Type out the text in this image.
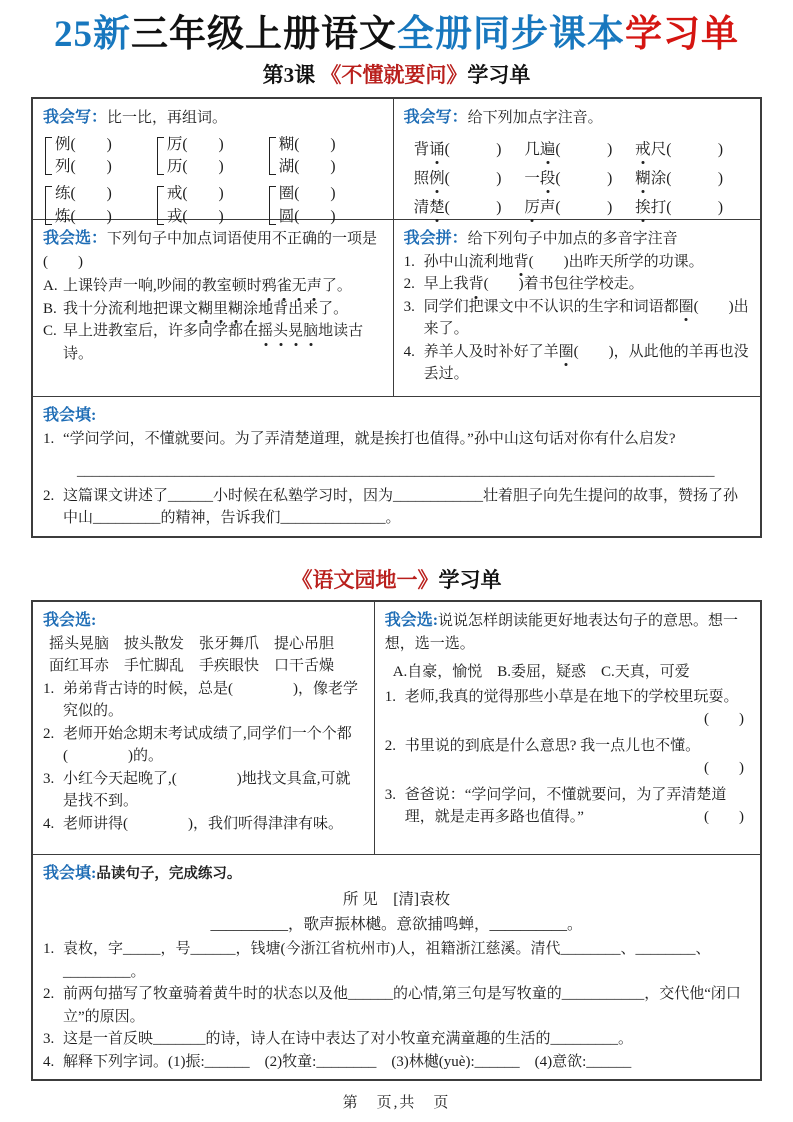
25新三年级上册语文全册同步课本学习单
第3课 《不懂就要问》学习单
我会写：比一比，再组词。
例(　　)
列(　　)
厉(　　)
历(　　)
糊(　　)
湖(　　)
练(　　)
炼(　　)
戒(　　)
戎(　　)
圈(　　)
圆(　　)
我会写：给下列加点字注音。
背诵(　　　)	几遍(　　　)	戒尺(　　　)
照例(　　　)	一段(　　　)	糊涂(　　　)
清楚(　　　)	厉声(　　　)	挨打(　　　)
我会选：下列句子中加点词语使用不正确的一项是(　　)
A. 上课铃声一响,吵闹的教室顿时鸦雀无声了。
B. 我十分流利地把课文糊里糊涂地背出来了。
C. 早上进教室后，许多同学都在摇头晃脑地读古诗。
我会拼：给下列句子中加点的多音字注音
1. 孙中山流利地背(　　)出昨天所学的功课。
2. 早上我背(　　)着书包往学校走。
3. 同学们把课文中不认识的生字和词语都圈(　　)出来了。
4. 养羊人及时补好了羊圈(　　)，从此他的羊再也没丢过。
我会填:
1. “学问学问，不懂就要问。为了弄清楚道理，就是挨打也值得。”孙中山这句话对你有什么启发?
_____________________________________________________________________________________
2. 这篇课文讲述了______小时候在私塾学习时，因为____________壮着胆子向先生提问的故事，赞扬了孙中山_________的精神，告诉我们______________。
《语文园地一》学习单
我会选:
摇头晃脑　披头散发　张牙舞爪　提心吊胆
面红耳赤　手忙脚乱　手疾眼快　口干舌燥
1. 弟弟背古诗的时候，总是(　　　　)，像老学究似的。
2. 老师开始念期末考试成绩了,同学们一个个都(　　　　)的。
3. 小红今天起晚了,(　　　　)地找文具盒,可就是找不到。
4. 老师讲得(　　　　)，我们听得津津有味。
我会选:说说怎样朗读能更好地表达句子的意思。想一想，选一选。
A.自豪，愉悦　B.委屈，疑惑　C.天真，可爱
1. 老师,我真的觉得那些小草是在地下的学校里玩耍。
(　　)
2. 书里说的到底是什么意思? 我一点儿也不懂。

(　　)
3. 爸爸说：“学问学问，不懂就要问，为了弄清楚道理，就是走再多路也值得。”	(　　)
我会填:品读句子，完成练习。
所 见　[清]袁枚
__________，歌声振林樾。意欲捕鸣蝉，__________。
1. 袁枚，字_____，号______，钱塘(今浙江省杭州市)人，祖籍浙江慈溪。清代________、________、_________。
2. 前两句描写了牧童骑着黄牛时的状态以及他______的心情,第三句是写牧童的___________，交代他“闭口立”的原因。
3. 这是一首反映_______的诗，诗人在诗中表达了对小牧童充满童趣的生活的_________。
4. 解释下列字词。(1)振:______　(2)牧童:________　(3)林樾(yuè):______　(4)意欲:______
第　页,共　页
